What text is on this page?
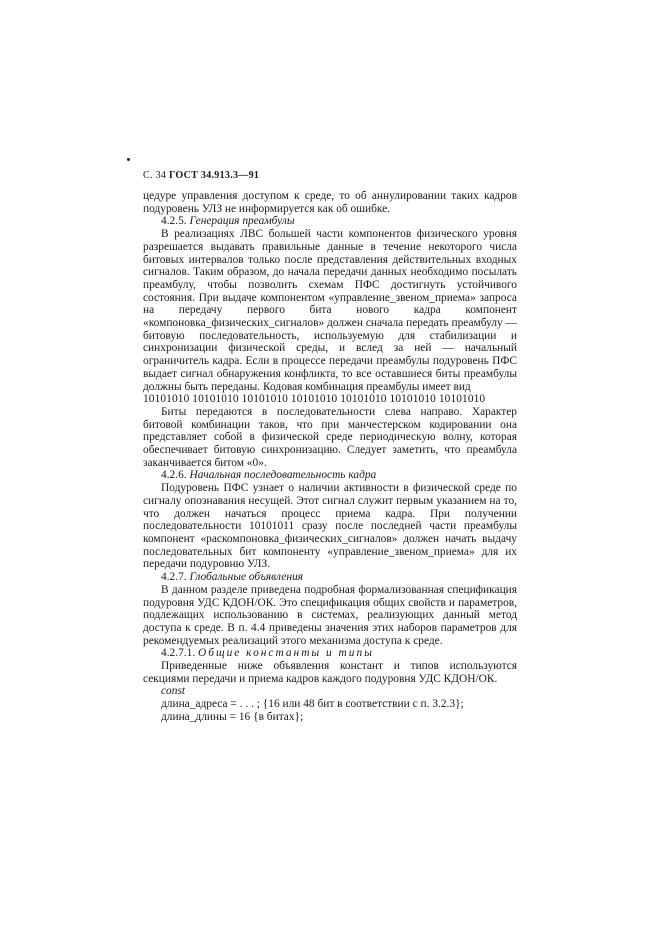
С. 34 ГОСТ 34.913.3—91

цедуре управления доступом к среде, то об аннулировании таких кадров подуровень УЛЗ не информируется как об ошибке.

4.2.5. Генерация преамбулы

В реализациях ЛВС большей части компонентов физического уровня разрешается выдавать правильные данные в течение некоторого числа битовых интервалов только после представления действительных входных сигналов. Таким образом, до начала передачи данных необходимо посылать преамбулу, чтобы позволить схемам ПФС достигнуть устойчивого состояния. При выдаче компонентом «управление_звеном_приема» запроса на передачу первого бита нового кадра компонент «компоновка_физических_сигналов» должен сначала передать преамбулу — битовую последовательность, используемую для стабилизации и синхронизации физической среды, и вслед за ней — начальный ограничитель кадра. Если в процессе передачи преамбулы подуровень ПФС выдает сигнал обнаружения конфликта, то все оставшиеся биты преамбулы должны быть переданы. Кодовая комбинация преамбулы имеет вид

10101010 10101010 10101010 10101010 10101010 10101010 10101010

Биты передаются в последовательности слева направо. Характер битовой комбинации таков, что при манчестерском кодировании она представляет собой в физической среде периодическую волну, которая обеспечивает битовую синхронизацию. Следует заметить, что преамбула заканчивается битом «0».

4.2.6. Начальная последовательность кадра

Подуровень ПФС узнает о наличии активности в физической среде по сигналу опознавания несущей. Этот сигнал служит первым указанием на то, что должен начаться процесс приема кадра. При получении последовательности 10101011 сразу после последней части преамбулы компонент «раскомпоновка_физических_сигналов» должен начать выдачу последовательных бит компоненту «управление_звеном_приема» для их передачи подуровню УЛЗ.

4.2.7. Глобальные объявления

В данном разделе приведена подробная формализованная спецификация подуровня УДС КДОН/ОК. Это спецификация общих свойств и параметров, подлежащих использованию в системах, реализующих данный метод доступа к среде. В п. 4.4 приведены значения этих наборов параметров для рекомендуемых реализаций этого механизма доступа к среде.

4.2.7.1. Общие константы и типы

Приведенные ниже объявления констант и типов используются секциями передачи и приема кадров каждого подуровня УДС КДОН/ОК.

const

длина_адреса = . . . ; {16 или 48 бит в соответствии с п. 3.2.3};

длина_длины = 16 {в битах};
